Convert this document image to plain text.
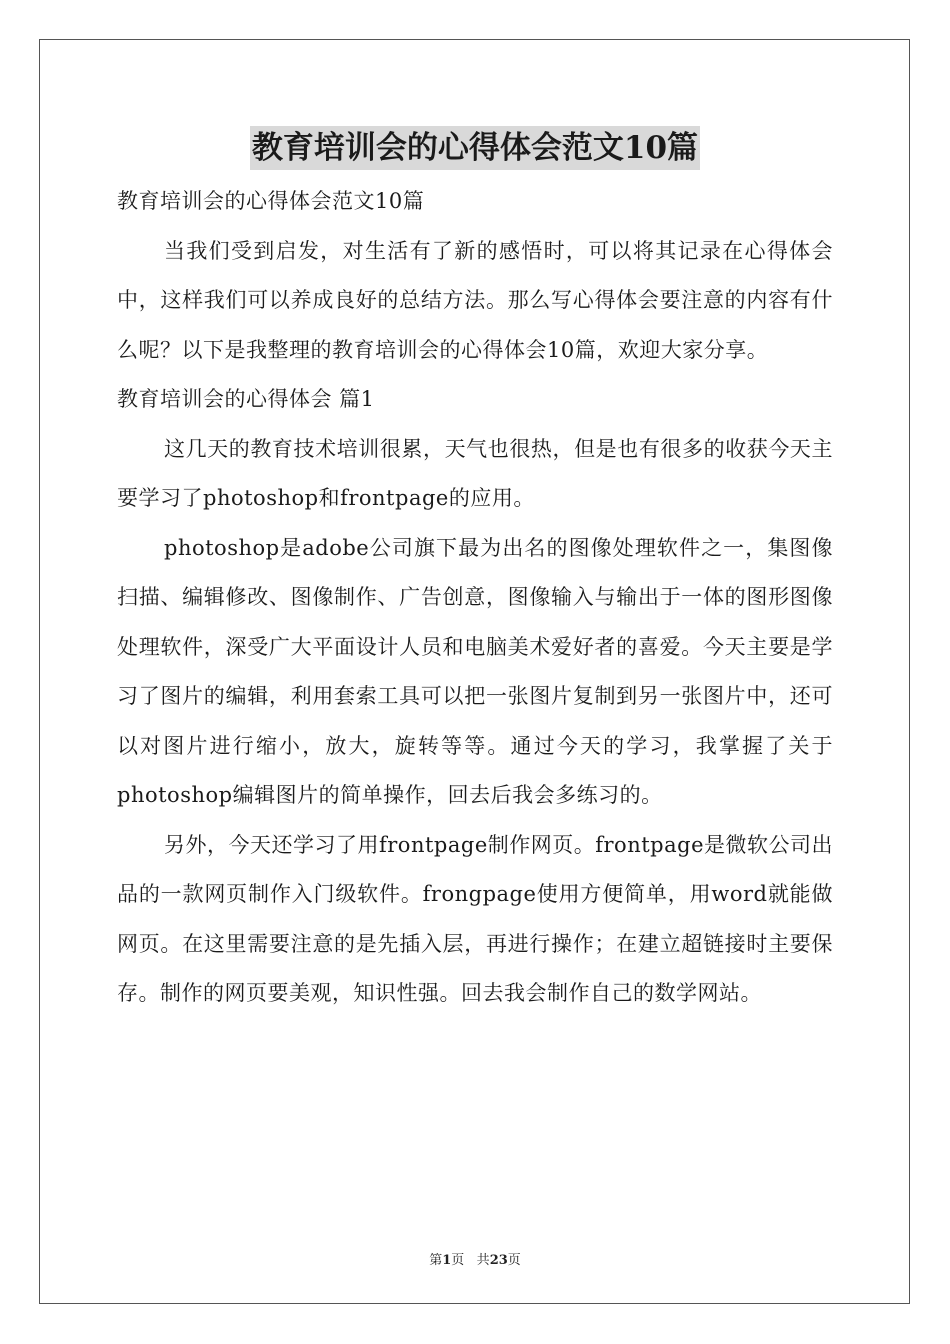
教育培训会的心得体会范文10篇

教育培训会的心得体会范文10篇

当我们受到启发，对生活有了新的感悟时，可以将其记录在心得体会中，这样我们可以养成良好的总结方法。那么写心得体会要注意的内容有什么呢？以下是我整理的教育培训会的心得体会10篇，欢迎大家分享。

教育培训会的心得体会 篇1

这几天的教育技术培训很累，天气也很热，但是也有很多的收获今天主要学习了photoshop和frontpage的应用。

photoshop是adobe公司旗下最为出名的图像处理软件之一，集图像扫描、编辑修改、图像制作、广告创意，图像输入与输出于一体的图形图像处理软件，深受广大平面设计人员和电脑美术爱好者的喜爱。今天主要是学习了图片的编辑，利用套索工具可以把一张图片复制到另一张图片中，还可以对图片进行缩小，放大，旋转等等。通过今天的学习，我掌握了关于photoshop编辑图片的简单操作，回去后我会多练习的。

另外，今天还学习了用frontpage制作网页。frontpage是微软公司出品的一款网页制作入门级软件。frongpage使用方便简单，用word就能做网页。在这里需要注意的是先插入层，再进行操作；在建立超链接时主要保存。制作的网页要美观，知识性强。回去我会制作自己的数学网站。

第1页 共23页
